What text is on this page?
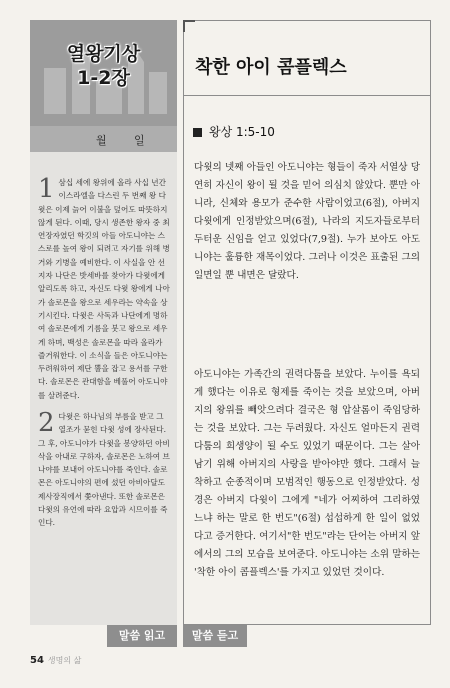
열왕기상
1-2장
월 일
1 삼십 세에 왕위에 올라 사십 년간 이스라엘을 다스린 두 번째 왕 다윗은 이제 늙어 이불을 덮어도 따뜻하지 않게 된다. 이때, 당시 생존한 왕자 중 최연장자였던 학깃의 아들 아도니야는 스스로를 높여 왕이 되려고 자기를 위해 병거와 기병을 예비한다. 이 사실을 안 선지자 나단은 밧세바를 찾아가 다윗에게 알리도록 하고, 자신도 다윗 왕에게 나아가 솔로몬을 왕으로 세우라는 약속을 상기시킨다. 다윗은 사독과 나단에게 명하여 솔로몬에게 기름을 붓고 왕으로 세우게 하며, 백성은 솔로몬을 따라 올라가 즐거워한다. 이 소식을 들은 아도니야는 두려워하여 제단 뿔을 잡고 용서를 구한다. 솔로몬은 관대함을 베풀어 아도니야를 살려준다.
2 다윗은 하나님의 부름을 받고 그 열조가 묻힌 다윗 성에 장사된다. 그 후, 아도니야가 다윗을 봉양하던 아비삭을 아내로 구하자, 솔로몬은 노하여 브나야를 보내어 아도니야를 죽인다. 솔로몬은 아도니야의 편에 섰던 아비아달도 제사장직에서 쫓아낸다. 또한 솔로몬은 다윗의 유언에 따라 요압과 시므이를 죽인다.
말씀 읽고
착한 아이 콤플렉스
왕상 1:5-10

다윗의 넷째 아들인 아도니야는 형들이 죽자 서열상 당연히 자신이 왕이 될 것을 믿어 의심치 않았다. 뿐만 아니라, 신체와 용모가 준수한 사람이었고(6절), 아버지 다윗에게 인정받았으며(6절), 나라의 지도자들로부터 두터운 신임을 얻고 있었다(7,9절). 누가 보아도 아도니야는 훌륭한 재목이었다. 그러나 이것은 표출된 그의 일면일 뿐 내면은 달랐다.

아도니야는 가족간의 권력다툼을 보았다. 누이를 욕되게 했다는 이유로 형제를 죽이는 것을 보았으며, 아버지의 왕위를 빼앗으려다 결국은 형 압살롬이 죽임당하는 것을 보았다. 그는 두려웠다. 자신도 얼마든지 권력다툼의 희생양이 될 수도 있었기 때문이다. 그는 살아남기 위해 아버지의 사랑을 받아야만 했다. 그래서 늘 착하고 순종적이며 모범적인 행동으로 인정받았다. 성경은 아버지 다윗이 그에게 "네가 어찌하여 그리하였느냐 하는 말로 한 번도"(6절) 섭섭하게 한 일이 없었다고 증거한다. 여기서"한 번도"라는 단어는 아버지 앞에서의 그의 모습을 보여준다. 아도니야는 소위 말하는 '착한 아이 콤플렉스'를 가지고 있었던 것이다.

말씀 듣고
54 생명의 삶
